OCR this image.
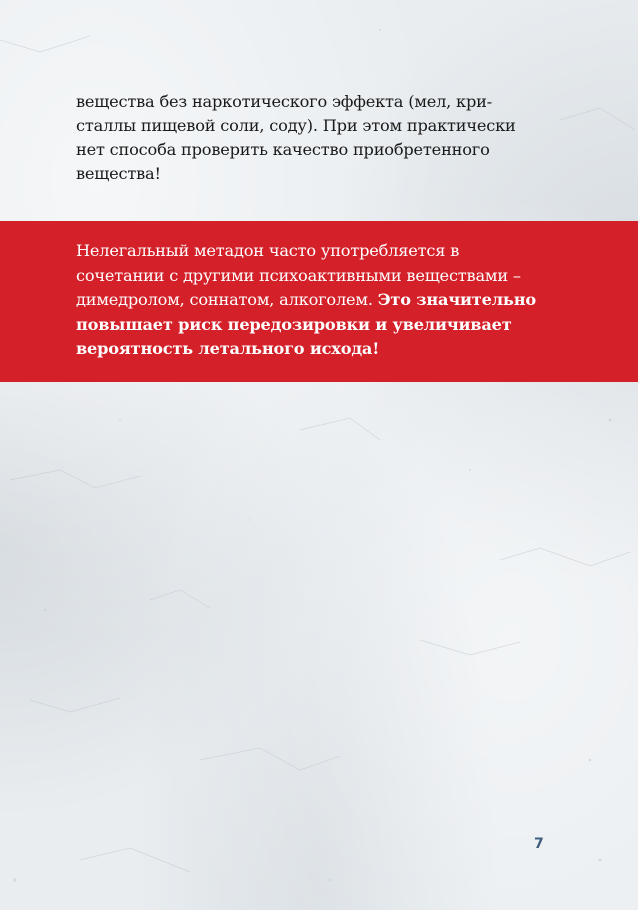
вещества без наркотического эффекта (мел, кри-
сталлы пищевой соли, соду). При этом практически
нет способа проверить качество приобретенного
вещества!

Нелегальный метадон часто употребляется в
сочетании с другими психоактивными веществами –
димедролом, соннатом, алкоголем. Это значительно
повышает риск передозировки и увеличивает
вероятность летального исхода!

7
